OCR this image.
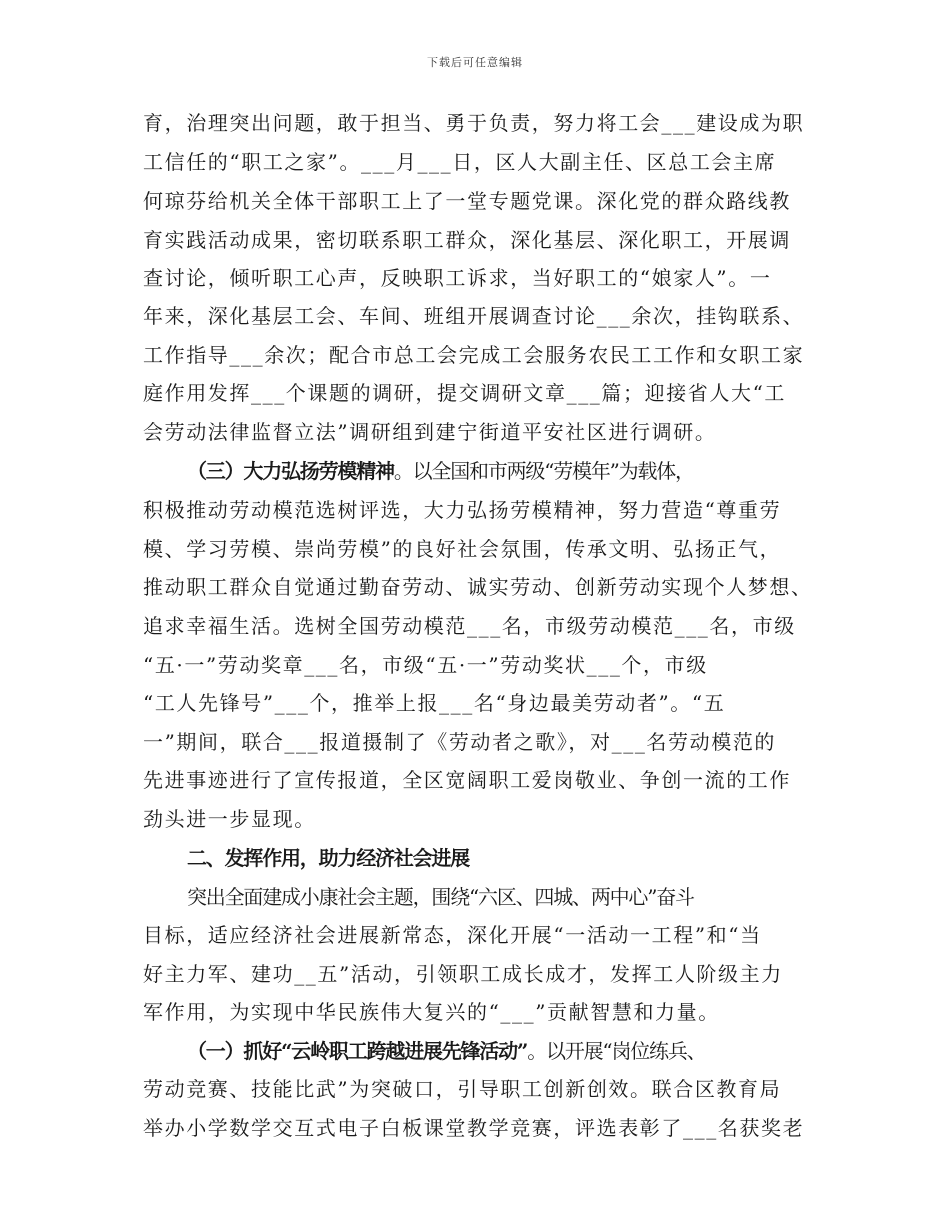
下载后可任意编辑
育，治理突出问题，敢于担当、勇于负责，努力将工会___建设成为职
工信任的“职工之家”。___月___日，区人大副主任、区总工会主席
何琼芬给机关全体干部职工上了一堂专题党课。深化党的群众路线教
育实践活动成果，密切联系职工群众，深化基层、深化职工，开展调
查讨论，倾听职工心声，反映职工诉求，当好职工的“娘家人”。一
年来，深化基层工会、车间、班组开展调查讨论___余次，挂钩联系、
工作指导___余次；配合市总工会完成工会服务农民工工作和女职工家
庭作用发挥___个课题的调研，提交调研文章___篇；迎接省人大“工
会劳动法律监督立法”调研组到建宁街道平安社区进行调研。
（三）大力弘扬劳模精神。以全国和市两级“劳模年”为载体，
积极推动劳动模范选树评选，大力弘扬劳模精神，努力营造“尊重劳
模、学习劳模、崇尚劳模”的良好社会氛围，传承文明、弘扬正气，
推动职工群众自觉通过勤奋劳动、诚实劳动、创新劳动实现个人梦想、
追求幸福生活。选树全国劳动模范___名，市级劳动模范___名，市级
“五·一”劳动奖章___名，市级“五·一”劳动奖状___个，市级
“工人先锋号”___个，推举上报___名“身边最美劳动者”。“五
一”期间，联合___报道摄制了《劳动者之歌》，对___名劳动模范的
先进事迹进行了宣传报道，全区宽阔职工爱岗敬业、争创一流的工作
劲头进一步显现。
二、发挥作用，助力经济社会进展
突出全面建成小康社会主题，围绕“六区、四城、两中心”奋斗
目标，适应经济社会进展新常态，深化开展“一活动一工程”和“当
好主力军、建功__五”活动，引领职工成长成才，发挥工人阶级主力
军作用，为实现中华民族伟大复兴的“___”贡献智慧和力量。
（一）抓好“云岭职工跨越进展先锋活动”。以开展“岗位练兵、
劳动竞赛、技能比武”为突破口，引导职工创新创效。联合区教育局
举办小学数学交互式电子白板课堂教学竞赛，评选表彰了___名获奖老
